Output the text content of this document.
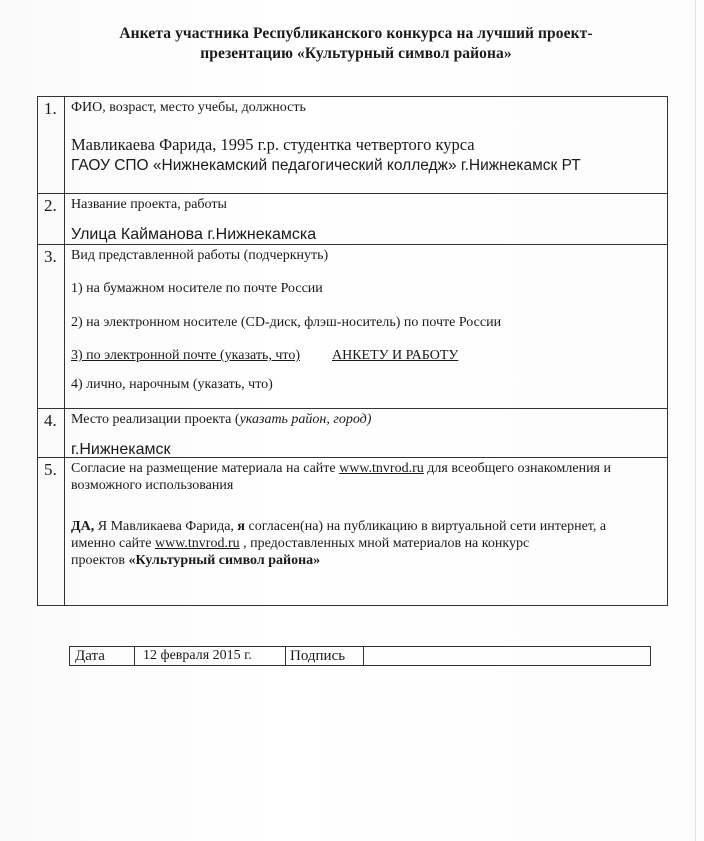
Анкета участника Республиканского конкурса на лучший проект-
презентацию «Культурный символ района»
1. ФИО, возраст, место учебы, должность
Мавликаева Фарида, 1995 г.р. студентка четвертого курса
ГАОУ СПО «Нижнекамский педагогический колледж» г.Нижнекамск РТ
2. Название проекта, работы
Улица Кайманова г.Нижнекамска
3. Вид представленной работы (подчеркнуть)
1) на бумажном носителе по почте России
2) на электронном носителе (CD-диск, флэш-носитель) по почте России
3) по электронной почте (указать, что) АНКЕТУ И РАБОТУ
4) лично, нарочным (указать, что)
4. Место реализации проекта (указать район, город)
г.Нижнекамск
5. Согласие на размещение материала на сайте www.tnvrod.ru для всеобщего ознакомления и
возможного использования
ДА, Я Мавликаева Фарида, я согласен(на) на публикацию в виртуальной сети интернет, а
именно сайте www.tnvrod.ru , предоставленных мной материалов на конкурс
проектов «Культурный символ района»
Дата	12 февраля 2015 г.	Подпись
